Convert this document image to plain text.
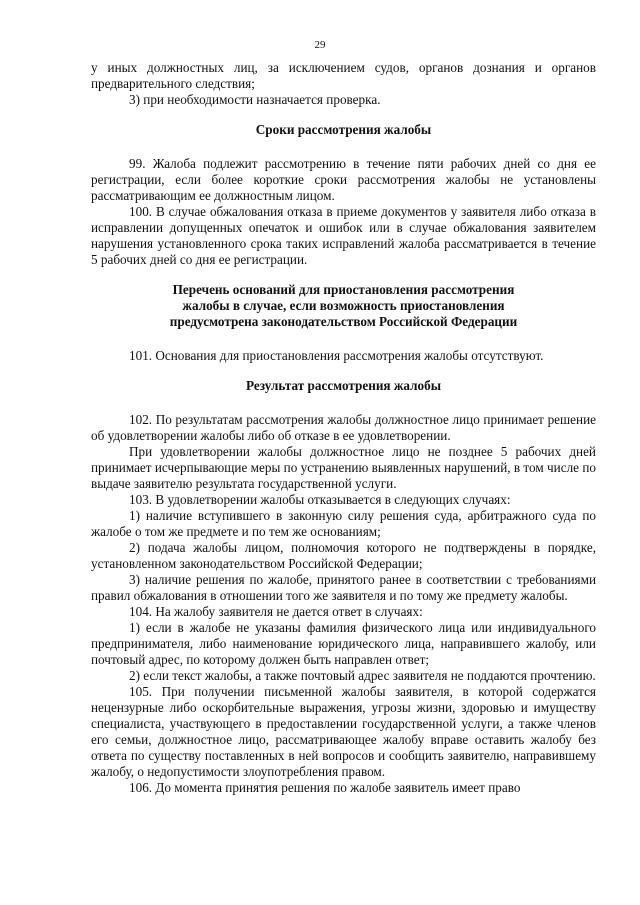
29

у иных должностных лиц, за исключением судов, органов дознания и органов предварительного следствия;

3) при необходимости назначается проверка.

Сроки рассмотрения жалобы

99. Жалоба подлежит рассмотрению в течение пяти рабочих дней со дня ее регистрации, если более короткие сроки рассмотрения жалобы не установлены рассматривающим ее должностным лицом.

100. В случае обжалования отказа в приеме документов у заявителя либо отказа в исправлении допущенных опечаток и ошибок или в случае обжалования заявителем нарушения установленного срока таких исправлений жалоба рассматривается в течение 5 рабочих дней со дня ее регистрации.

Перечень оснований для приостановления рассмотрения
жалобы в случае, если возможность приостановления
предусмотрена законодательством Российской Федерации

101. Основания для приостановления рассмотрения жалобы отсутствуют.

Результат рассмотрения жалобы

102. По результатам рассмотрения жалобы должностное лицо принимает решение об удовлетворении жалобы либо об отказе в ее удовлетворении.

При удовлетворении жалобы должностное лицо не позднее 5 рабочих дней принимает исчерпывающие меры по устранению выявленных нарушений, в том числе по выдаче заявителю результата государственной услуги.

103. В удовлетворении жалобы отказывается в следующих случаях:

1) наличие вступившего в законную силу решения суда, арбитражного суда по жалобе о том же предмете и по тем же основаниям;

2) подача жалобы лицом, полномочия которого не подтверждены в порядке, установленном законодательством Российской Федерации;

3) наличие решения по жалобе, принятого ранее в соответствии с требованиями правил обжалования в отношении того же заявителя и по тому же предмету жалобы.

104. На жалобу заявителя не дается ответ в случаях:

1) если в жалобе не указаны фамилия физического лица или индивидуального предпринимателя, либо наименование юридического лица, направившего жалобу, или почтовый адрес, по которому должен быть направлен ответ;

2) если текст жалобы, а также почтовый адрес заявителя не поддаются прочтению.

105. При получении письменной жалобы заявителя, в которой содержатся нецензурные либо оскорбительные выражения, угрозы жизни, здоровью и имуществу специалиста, участвующего в предоставлении государственной услуги, а также членов его семьи, должностное лицо, рассматривающее жалобу вправе оставить жалобу без ответа по существу поставленных в ней вопросов и сообщить заявителю, направившему жалобу, о недопустимости злоупотребления правом.

106. До момента принятия решения по жалобе заявитель имеет право
